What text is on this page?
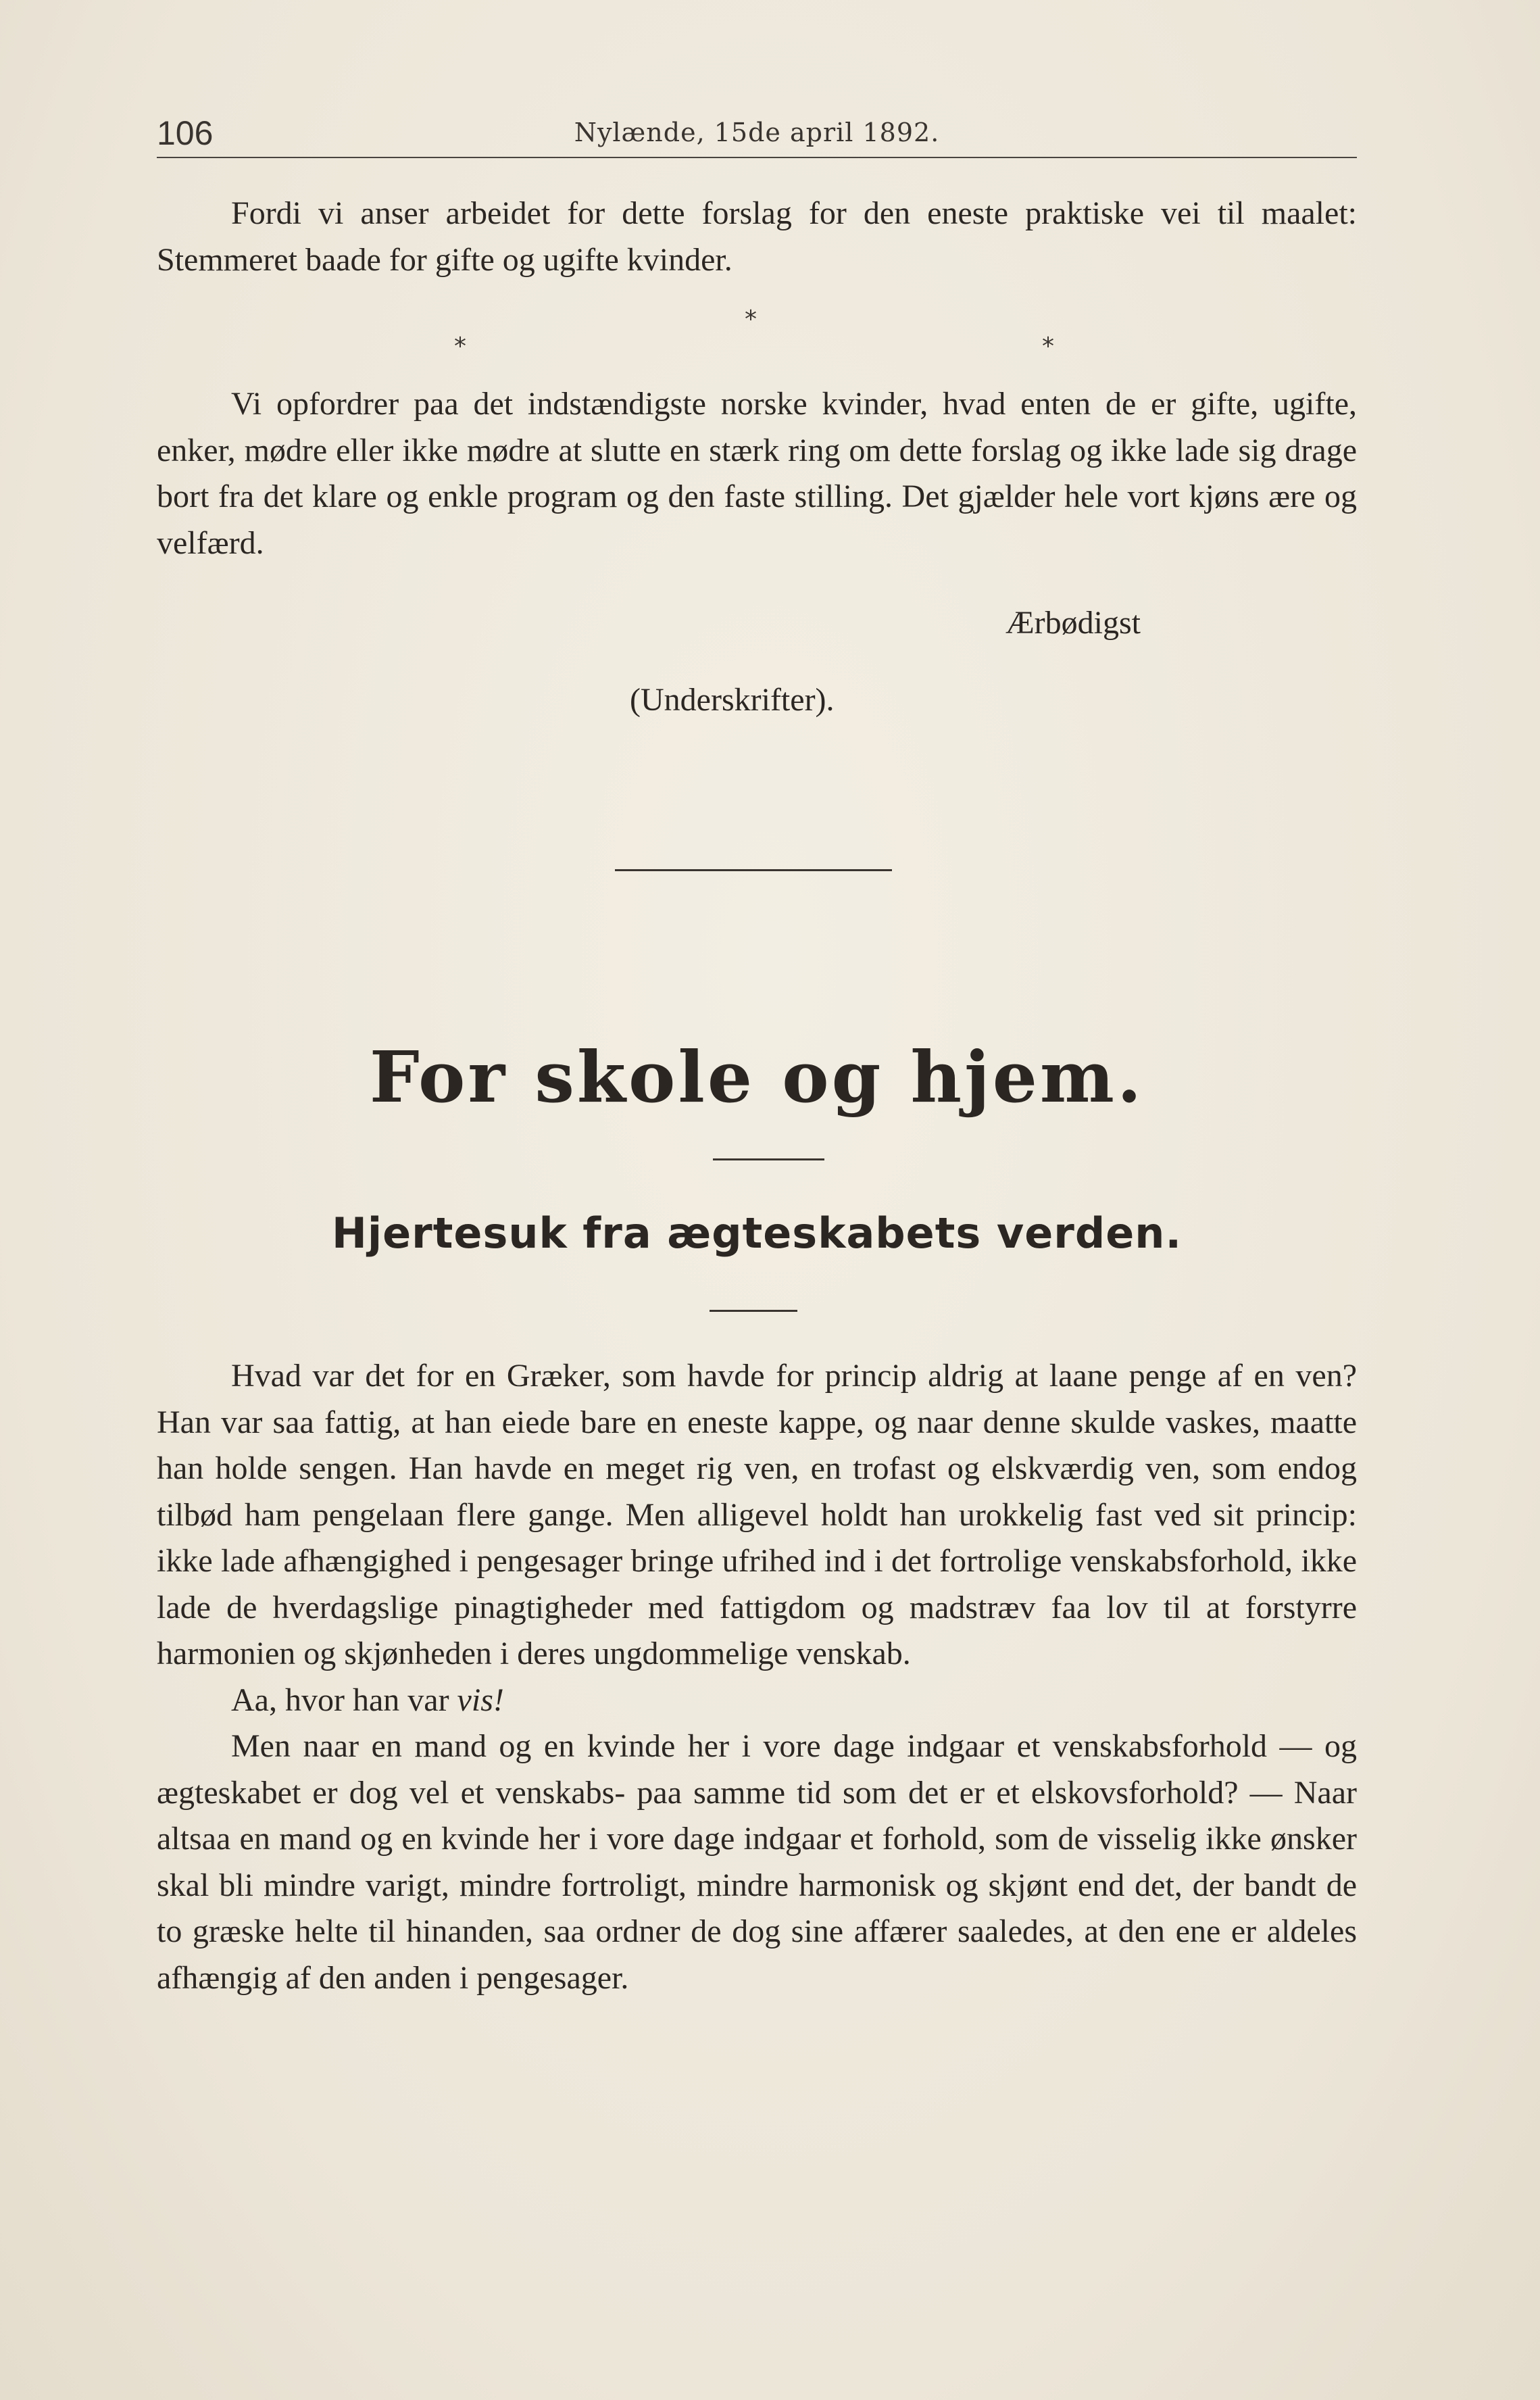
106	Nylænde, 15de april 1892.

Fordi vi anser arbeidet for dette forslag for den eneste praktiske vei til maalet: Stemmeret baade for gifte og ugifte kvinder.

*
*	*

Vi opfordrer paa det indstændigste norske kvinder, hvad enten de er gifte, ugifte, enker, mødre eller ikke mødre at slutte en stærk ring om dette forslag og ikke lade sig drage bort fra det klare og enkle program og den faste stilling. Det gjælder hele vort kjøns ære og velfærd.

Ærbødigst
(Underskrifter).
For skole og hjem.
Hjertesuk fra ægteskabets verden.

Hvad var det for en Græker, som havde for princip aldrig at laane penge af en ven? Han var saa fattig, at han eiede bare en eneste kappe, og naar denne skulde vaskes, maatte han holde sengen. Han havde en meget rig ven, en trofast og elskværdig ven, som endog tilbød ham pengelaan flere gange. Men alligevel holdt han urokkelig fast ved sit princip: ikke lade afhængighed i pengesager bringe ufrihed ind i det fortrolige venskabsforhold, ikke lade de hverdagslige pinagtigheder med fattigdom og madstræv faa lov til at forstyrre harmonien og skjønheden i deres ungdommelige venskab.

Aa, hvor han var vis!

Men naar en mand og en kvinde her i vore dage indgaar et venskabsforhold — og ægteskabet er dog vel et venskabs- paa samme tid som det er et elskovsforhold? — Naar altsaa en mand og en kvinde her i vore dage indgaar et forhold, som de visselig ikke ønsker skal bli mindre varigt, mindre fortroligt, mindre harmonisk og skjønt end det, der bandt de to græske helte til hinanden, saa ordner de dog sine affærer saaledes, at den ene er aldeles afhængig af den anden i pengesager.
